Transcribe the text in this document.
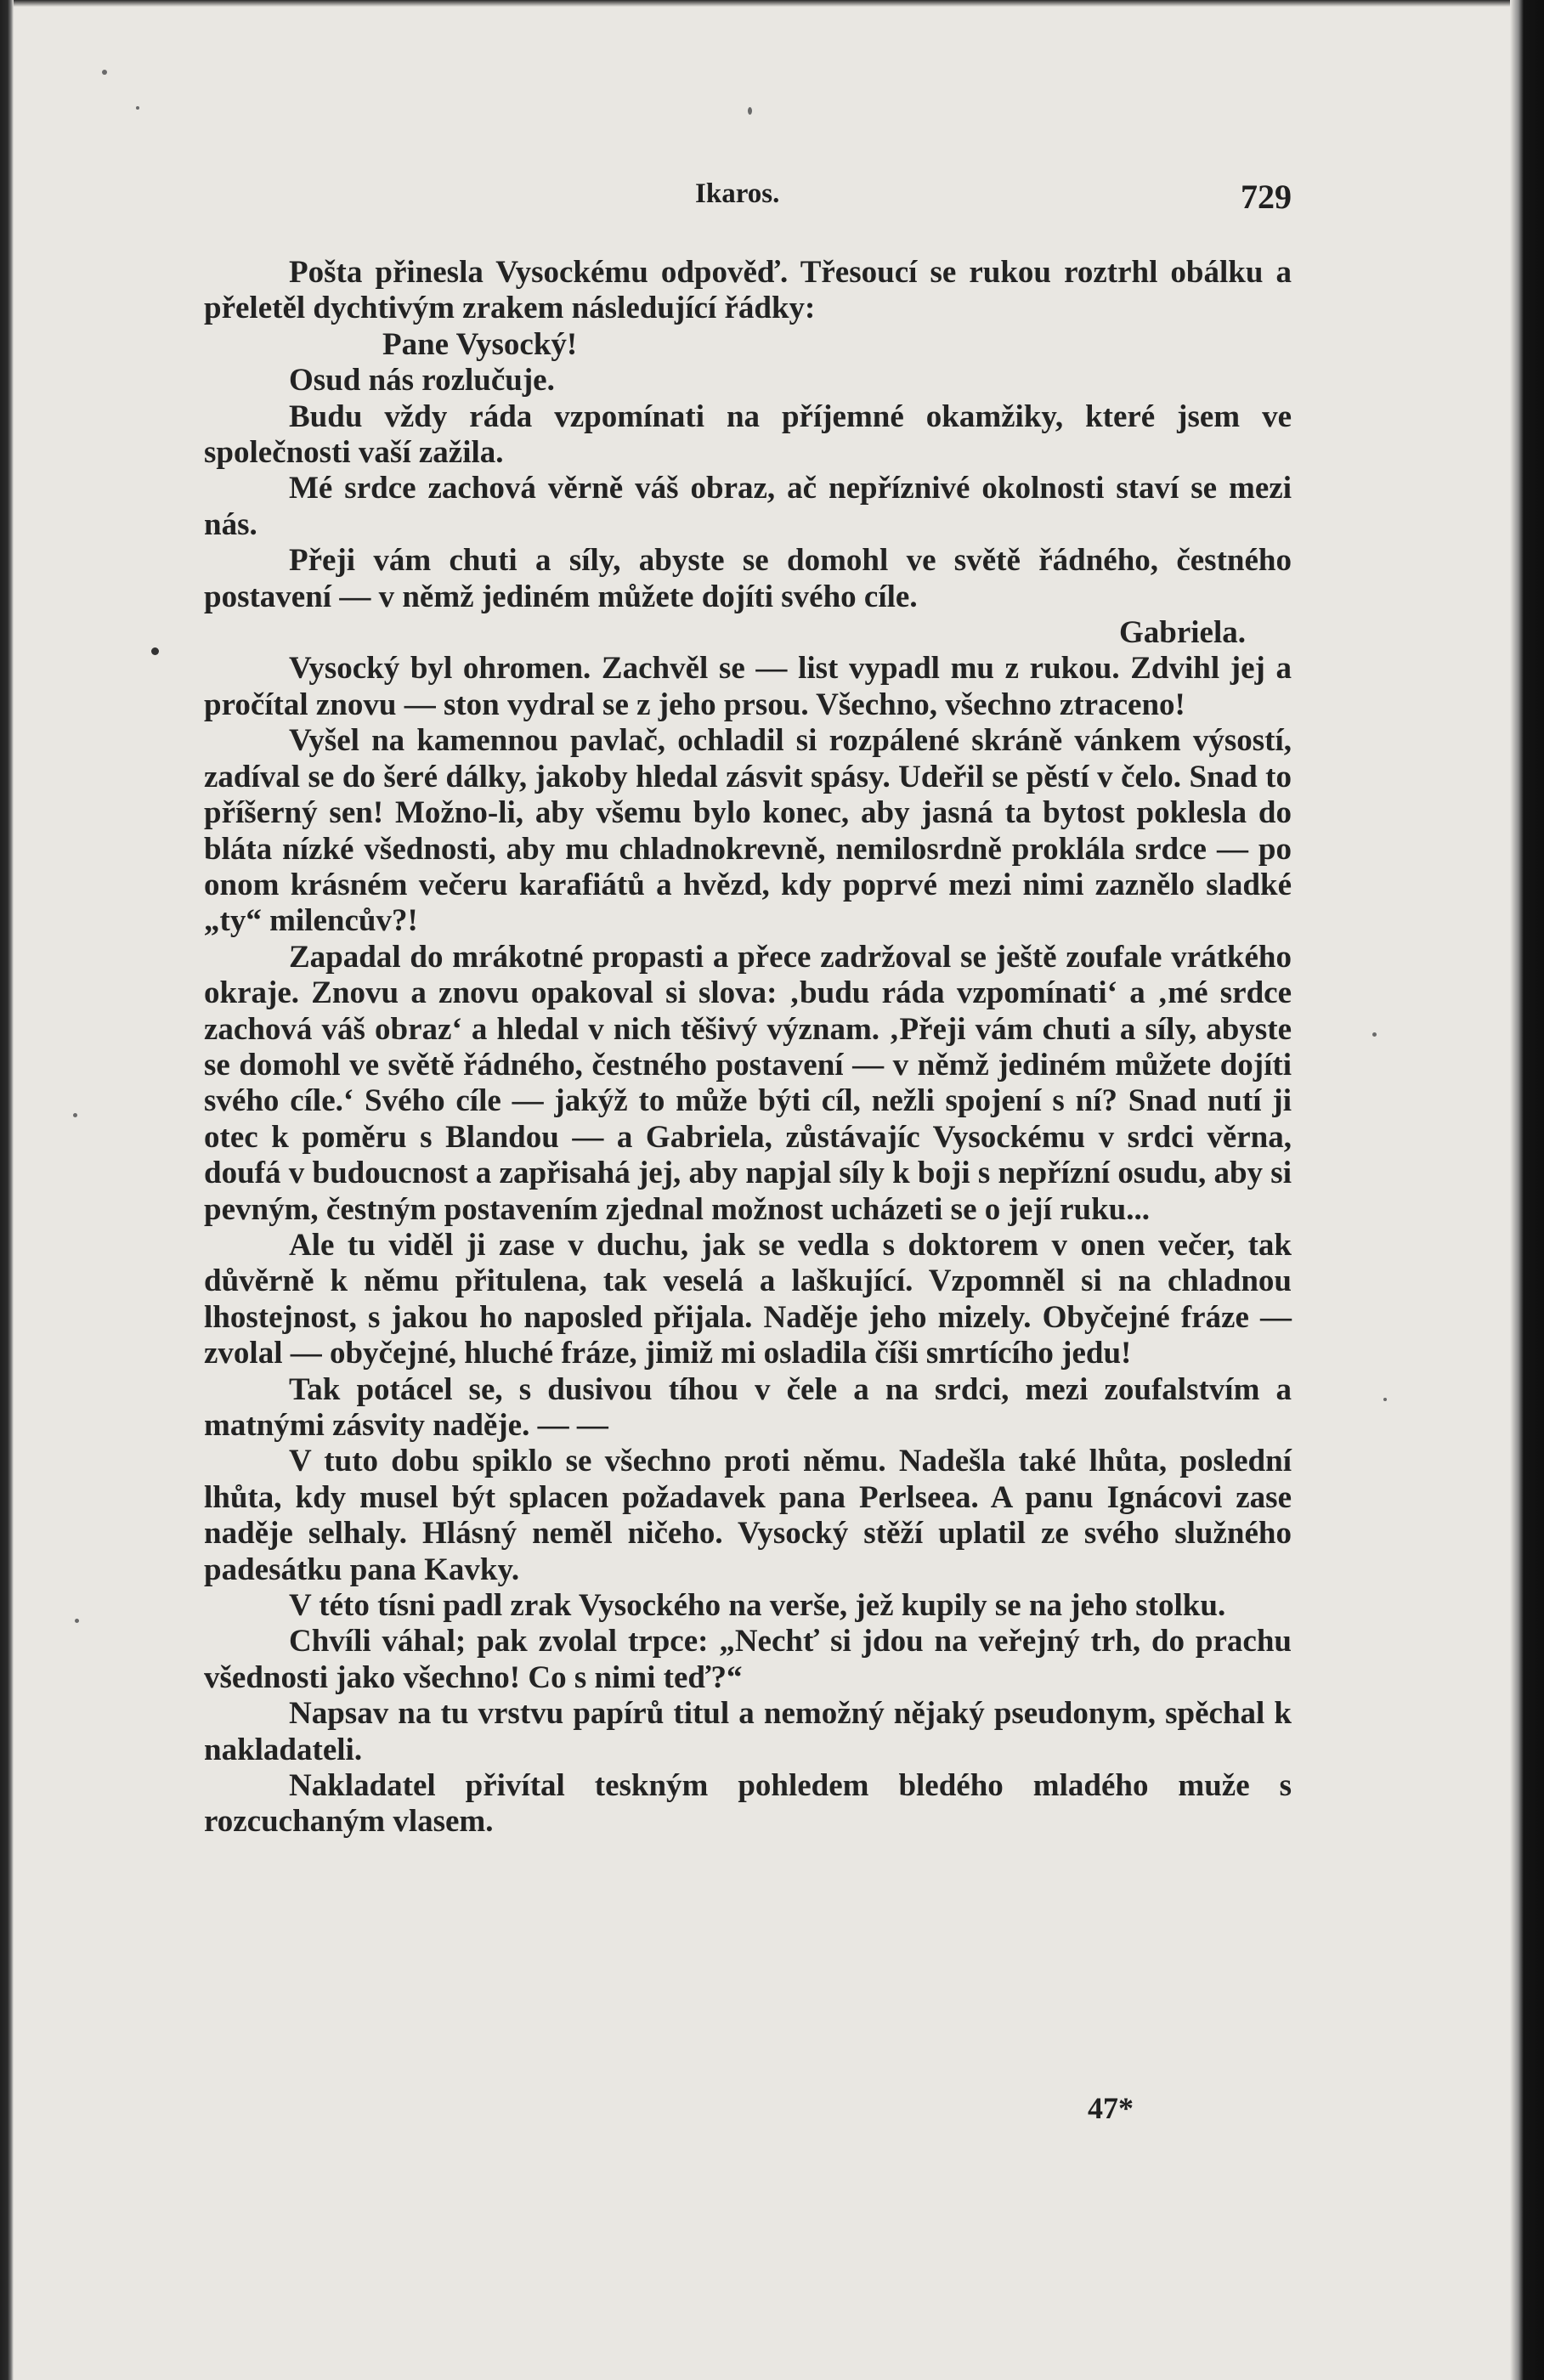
Ikaros.	729

Pošta přinesla Vysockému odpověď. Třesoucí se rukou roztrhl obálku a přeletěl dychtivým zrakem následující řádky:

Pane Vysocký!

Osud nás rozlučuje.

Budu vždy ráda vzpomínati na příjemné okamžiky, které jsem ve společnosti vaší zažila.

Mé srdce zachová věrně váš obraz, ač nepříznivé okolnosti staví se mezi nás.

Přeji vám chuti a síly, abyste se domohl ve světě řádného, čestného postavení — v němž jediném můžete dojíti svého cíle.

Gabriela.

Vysocký byl ohromen. Zachvěl se — list vypadl mu z rukou. Zdvihl jej a pročítal znovu — ston vydral se z jeho prsou. Všechno, všechno ztraceno!

Vyšel na kamennou pavlač, ochladil si rozpálené skráně vánkem výsostí, zadíval se do šeré dálky, jakoby hledal zásvit spásy. Udeřil se pěstí v čelo. Snad to příšerný sen! Možno-li, aby všemu bylo konec, aby jasná ta bytost poklesla do bláta nízké všednosti, aby mu chladnokrevně, nemilosrdně proklála srdce — po onom krásném večeru karafiátů a hvězd, kdy poprvé mezi nimi zaznělo sladké „ty“ milencův?!

Zapadal do mrákotné propasti a přece zadržoval se ještě zoufale vrátkého okraje. Znovu a znovu opakoval si slova: ‚budu ráda vzpomínati‘ a ‚mé srdce zachová váš obraz‘ a hledal v nich těšivý význam. ‚Přeji vám chuti a síly, abyste se domohl ve světě řádného, čestného postavení — v němž jediném můžete dojíti svého cíle.‘ Svého cíle — jakýž to může býti cíl, nežli spojení s ní? Snad nutí ji otec k poměru s Blandou — a Gabriela, zůstávajíc Vysockému v srdci věrna, doufá v budoucnost a zapřisahá jej, aby napjal síly k boji s nepřízní osudu, aby si pevným, čestným postavením zjednal možnost ucházeti se o její ruku...

Ale tu viděl ji zase v duchu, jak se vedla s doktorem v onen večer, tak důvěrně k němu přitulena, tak veselá a laškující. Vzpomněl si na chladnou lhostejnost, s jakou ho naposled přijala. Naděje jeho mizely. Obyčejné fráze — zvolal — obyčejné, hluché fráze, jimiž mi osladila číši smrtícího jedu!

Tak potácel se, s dusivou tíhou v čele a na srdci, mezi zoufalstvím a matnými zásvity naděje. — —

V tuto dobu spiklo se všechno proti němu. Nadešla také lhůta, poslední lhůta, kdy musel být splacen požadavek pana Perlseea. A panu Ignácovi zase naděje selhaly. Hlásný neměl ničeho. Vysocký stěží uplatil ze svého služného padesátku pana Kavky.

V této tísni padl zrak Vysockého na verše, jež kupily se na jeho stolku.

Chvíli váhal; pak zvolal trpce: „Nechť si jdou na veřejný trh, do prachu všednosti jako všechno! Co s nimi teď?“

Napsav na tu vrstvu papírů titul a nemožný nějaký pseudonym, spěchal k nakladateli.

Nakladatel přivítal teskným pohledem bledého mladého muže s rozcuchaným vlasem.

47*
